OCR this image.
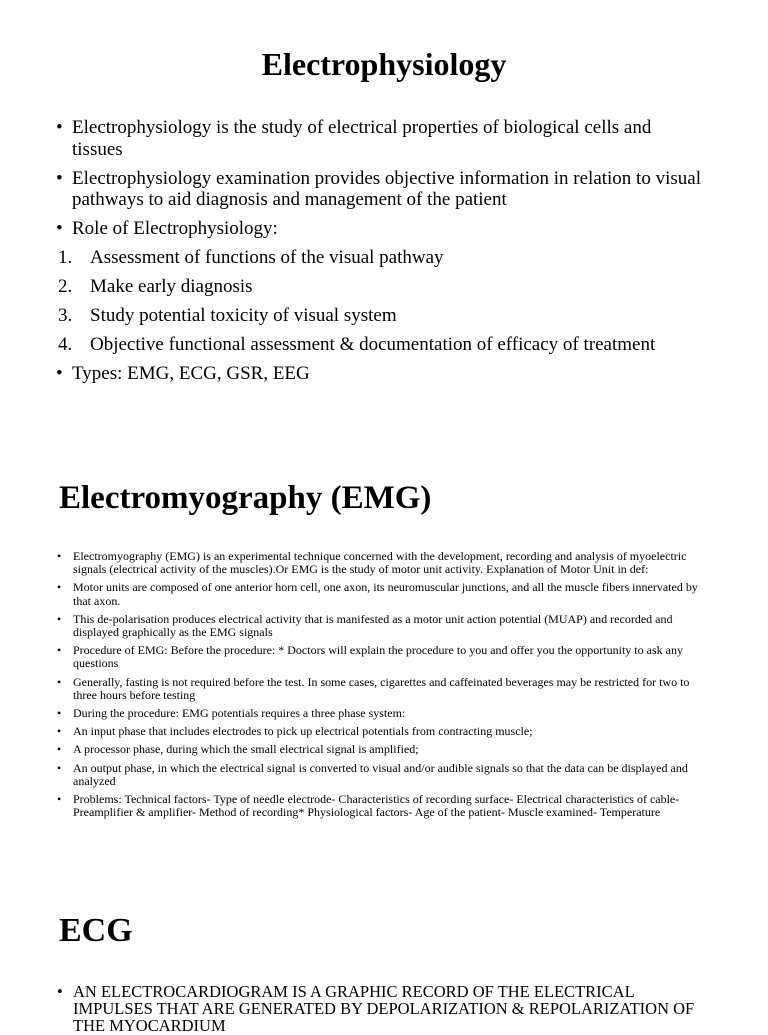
Electrophysiology
• Electrophysiology is the study of electrical properties of biological cells and tissues
• Electrophysiology examination provides objective information in relation to visual pathways to aid diagnosis and management of the patient
• Role of Electrophysiology:
1. Assessment of functions of the visual pathway
2. Make early diagnosis
3. Study potential toxicity of visual system
4. Objective functional assessment & documentation of efficacy of treatment
• Types: EMG, ECG, GSR, EEG
Electromyography (EMG)
• Electromyography (EMG) is an experimental technique concerned with the development, recording and analysis of myoelectric signals (electrical activity of the muscles).Or EMG is the study of motor unit activity. Explanation of Motor Unit in def:
• Motor units are composed of one anterior horn cell, one axon, its neuromuscular junctions, and all the muscle fibers innervated by that axon.
• This de-polarisation produces electrical activity that is manifested as a motor unit action potential (MUAP) and recorded and displayed graphically as the EMG signals
• Procedure of EMG: Before the procedure: * Doctors will explain the procedure to you and offer you the opportunity to ask any questions
• Generally, fasting is not required before the test. In some cases, cigarettes and caffeinated beverages may be restricted for two to three hours before testing
• During the procedure: EMG potentials requires a three phase system:
• An input phase that includes electrodes to pick up electrical potentials from contracting muscle;
• A processor phase, during which the small electrical signal is amplified;
• An output phase, in which the electrical signal is converted to visual and/or audible signals so that the data can be displayed and analyzed
• Problems: Technical factors- Type of needle electrode- Characteristics of recording surface- Electrical characteristics of cable- Preamplifier & amplifier- Method of recording* Physiological factors- Age of the patient- Muscle examined- Temperature
ECG
• AN ELECTROCARDIOGRAM IS A GRAPHIC RECORD OF THE ELECTRICAL IMPULSES THAT ARE GENERATED BY DEPOLARIZATION & REPOLARIZATION OF THE MYOCARDIUM
